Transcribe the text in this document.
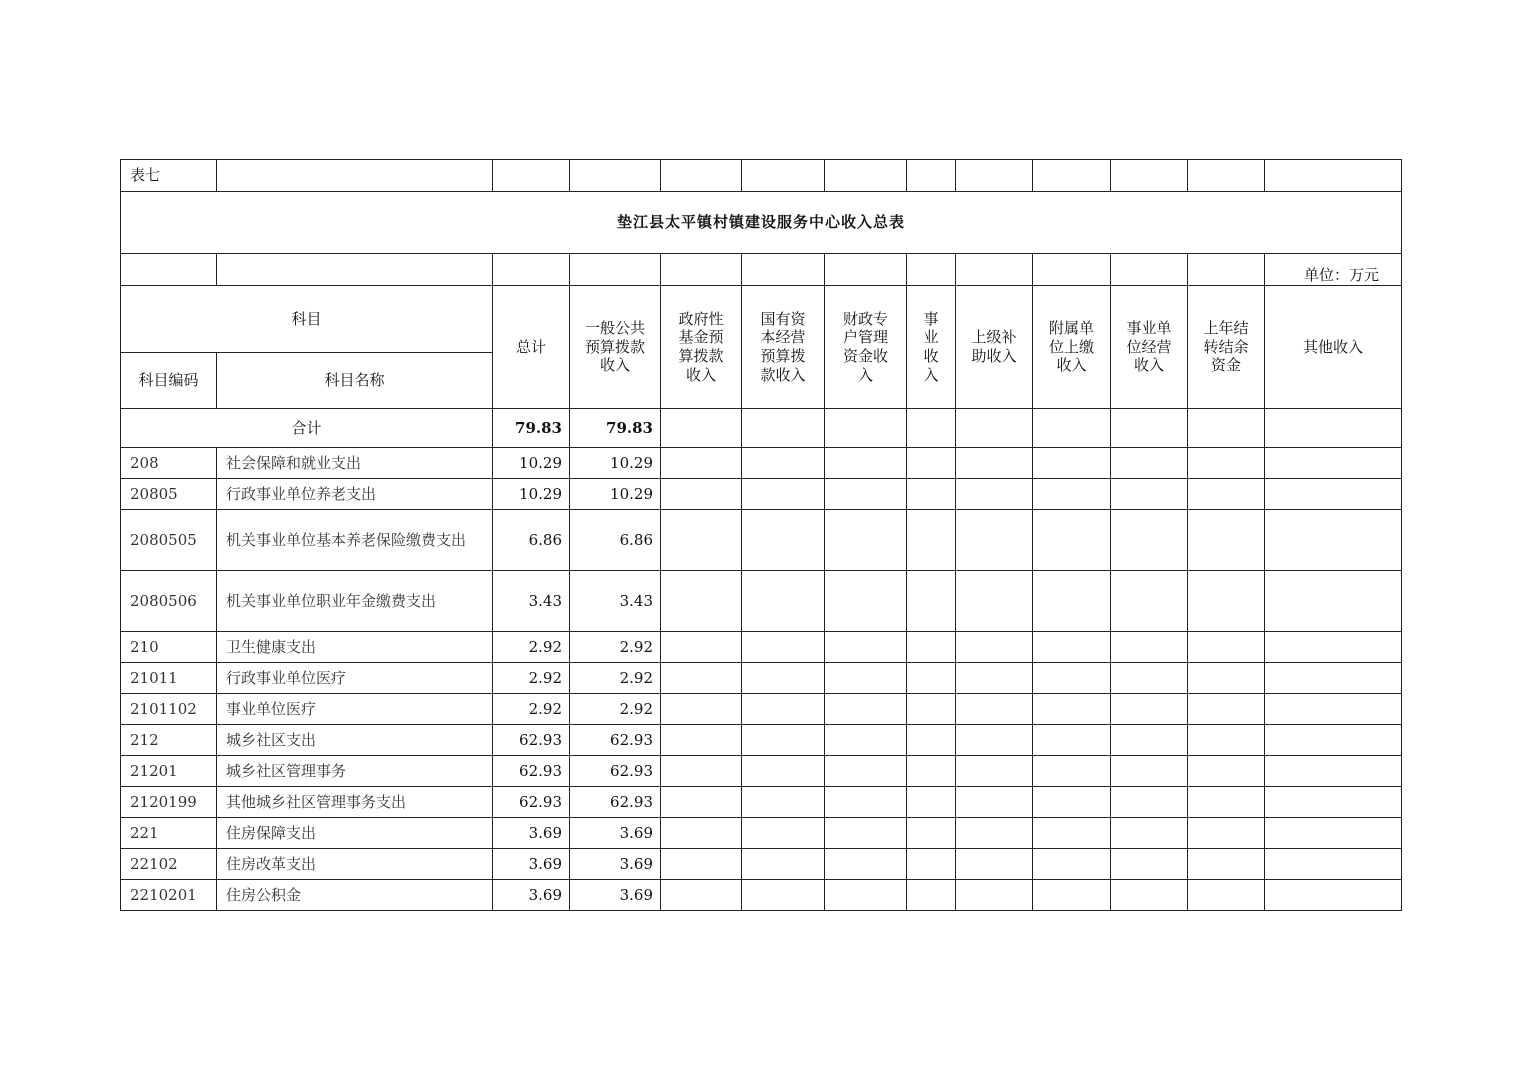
表七												
垫江县太平镇村镇建设服务中心收入总表												
												单位：万元
科目		总计	一般公共预算拨款收入	政府性基金预算拨款收入	国有资本经营预算拨款收入	财政专户管理资金收入	事业收入	上级补助收入	附属单位上缴收入	事业单位经营收入	上年结转结余资金	其他收入
科目编码	科目名称											
合计		79.83	79.83									
208	社会保障和就业支出	10.29	10.29									
20805	行政事业单位养老支出	10.29	10.29									
2080505	机关事业单位基本养老保险缴费支出	6.86	6.86									
2080506	机关事业单位职业年金缴费支出	3.43	3.43									
210	卫生健康支出	2.92	2.92									
21011	行政事业单位医疗	2.92	2.92									
2101102	事业单位医疗	2.92	2.92									
212	城乡社区支出	62.93	62.93									
21201	城乡社区管理事务	62.93	62.93									
2120199	其他城乡社区管理事务支出	62.93	62.93									
221	住房保障支出	3.69	3.69									
22102	住房改革支出	3.69	3.69									
2210201	住房公积金	3.69	3.69									
